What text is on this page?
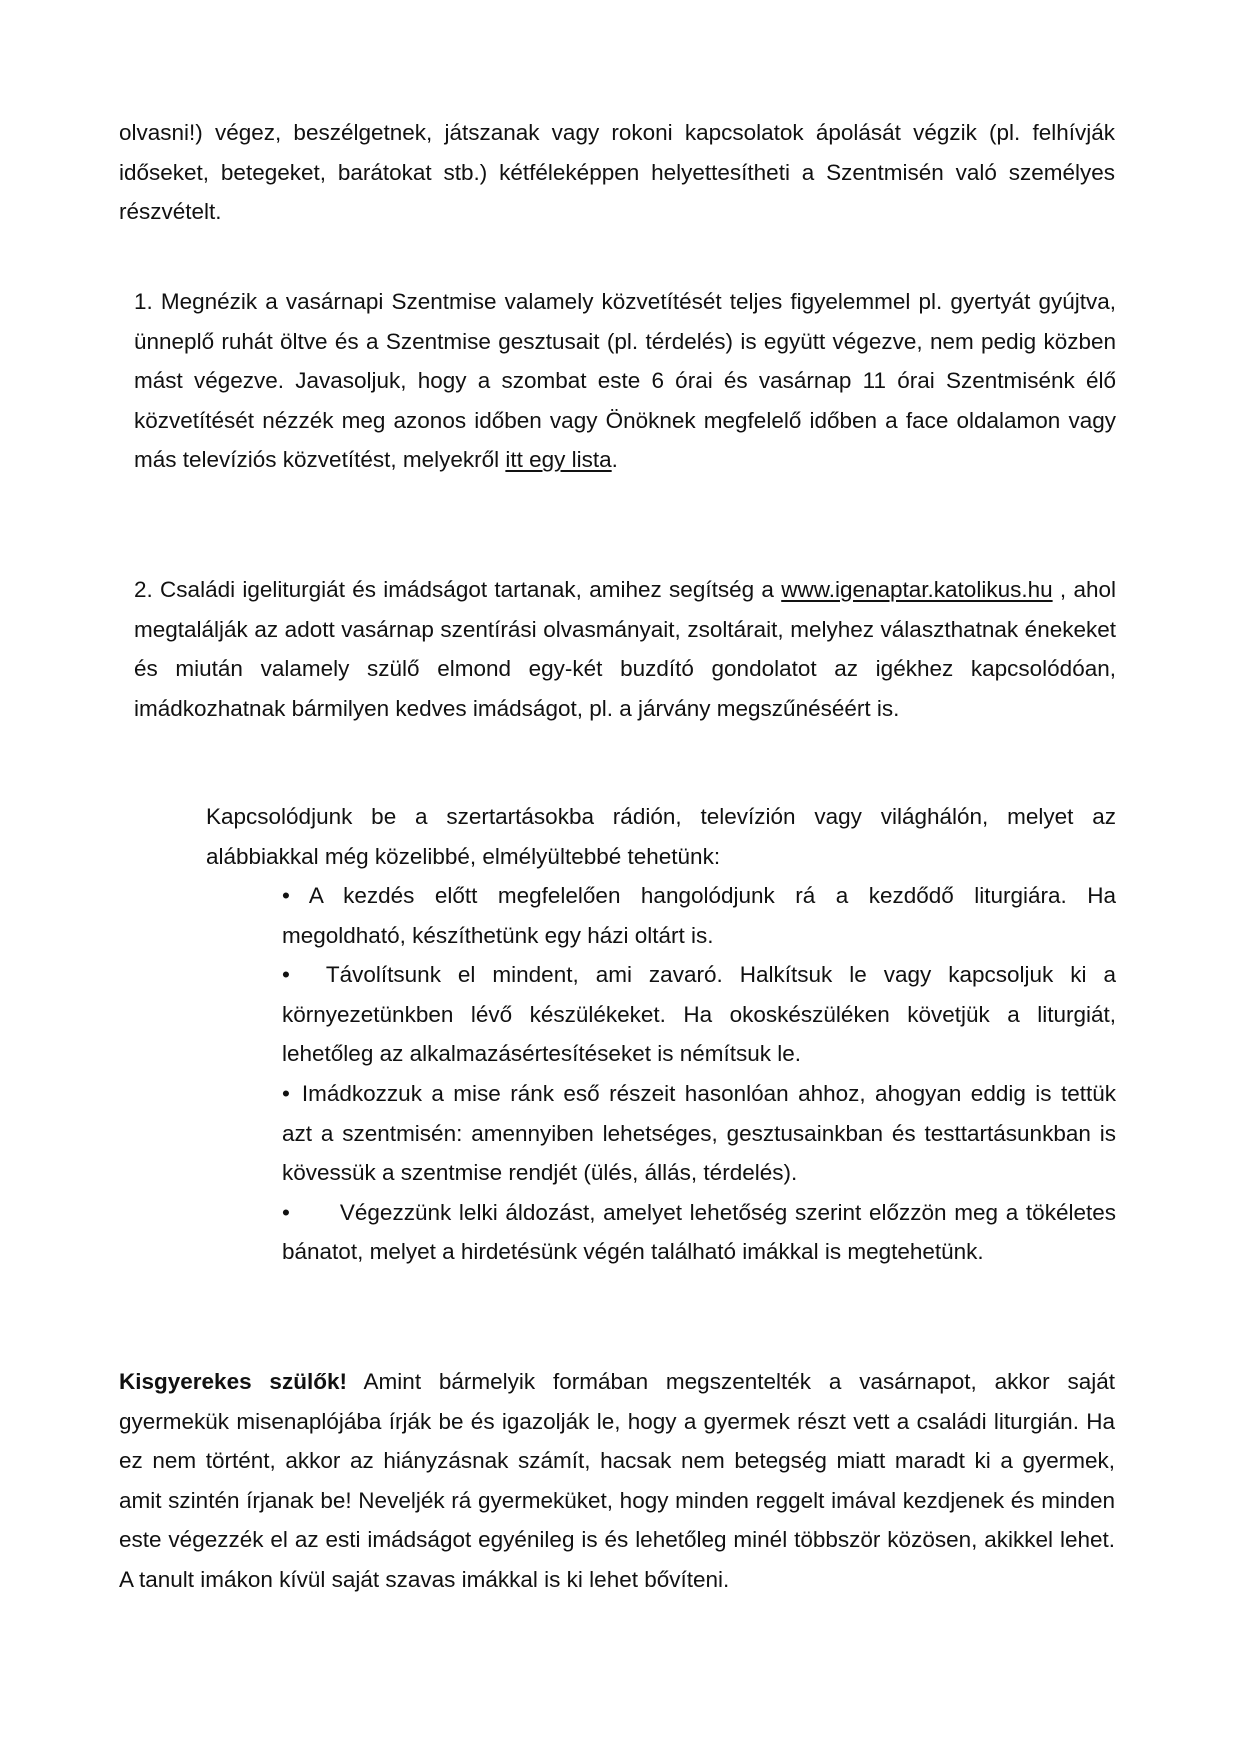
olvasni!) végez, beszélgetnek, játszanak vagy rokoni kapcsolatok ápolását végzik (pl. felhívják időseket, betegeket, barátokat stb.) kétféleképpen helyettesítheti a Szentmisén való személyes részvételt.

1. Megnézik a vasárnapi Szentmise valamely közvetítését teljes figyelemmel pl. gyertyát gyújtva, ünneplő ruhát öltve és a Szentmise gesztusait (pl. térdelés) is együtt végezve, nem pedig közben mást végezve. Javasoljuk, hogy a szombat este 6 órai és vasárnap 11 órai Szentmisénk élő közvetítését nézzék meg azonos időben vagy Önöknek megfelelő időben a face oldalamon vagy más televíziós közvetítést, melyekről itt egy lista.

2. Családi igeliturgiát és imádságot tartanak, amihez segítség a www.igenaptar.katolikus.hu , ahol megtalálják az adott vasárnap szentírási olvasmányait, zsoltárait, melyhez választhatnak énekeket és miután valamely szülő elmond egy-két buzdító gondolatot az igékhez kapcsolódóan, imádkozhatnak bármilyen kedves imádságot, pl. a járvány megszűnéséért is.

Kapcsolódjunk be a szertartásokba rádión, televízión vagy világhálón, melyet az alábbiakkal még közelibbé, elmélyültebbé tehetünk:

• A kezdés előtt megfelelően hangolódjunk rá a kezdődő liturgiára. Ha megoldható, készíthetünk egy házi oltárt is.
• Távolítsunk el mindent, ami zavaró. Halkítsuk le vagy kapcsoljuk ki a környezetünkben lévő készülékeket. Ha okoskészüléken követjük a liturgiát, lehetőleg az alkalmazásértesítéseket is némítsuk le.
• Imádkozzuk a mise ránk eső részeit hasonlóan ahhoz, ahogyan eddig is tettük azt a szentmisén: amennyiben lehetséges, gesztusainkban és testtartásunkban is kövessük a szentmise rendjét (ülés, állás, térdelés).
• Végezzünk lelki áldozást, amelyet lehetőség szerint előzzön meg a tökéletes bánatot, melyet a hirdetésünk végén található imákkal is megtehetünk.

Kisgyerekes szülők! Amint bármelyik formában megszentelték a vasárnapot, akkor saját gyermekük misenaplójába írják be és igazolják le, hogy a gyermek részt vett a családi liturgián. Ha ez nem történt, akkor az hiányzásnak számít, hacsak nem betegség miatt maradt ki a gyermek, amit szintén írjanak be! Neveljék rá gyermeküket, hogy minden reggelt imával kezdjenek és minden este végezzék el az esti imádságot egyénileg is és lehetőleg minél többször közösen, akikkel lehet. A tanult imákon kívül saját szavas imákkal is ki lehet bővíteni.
